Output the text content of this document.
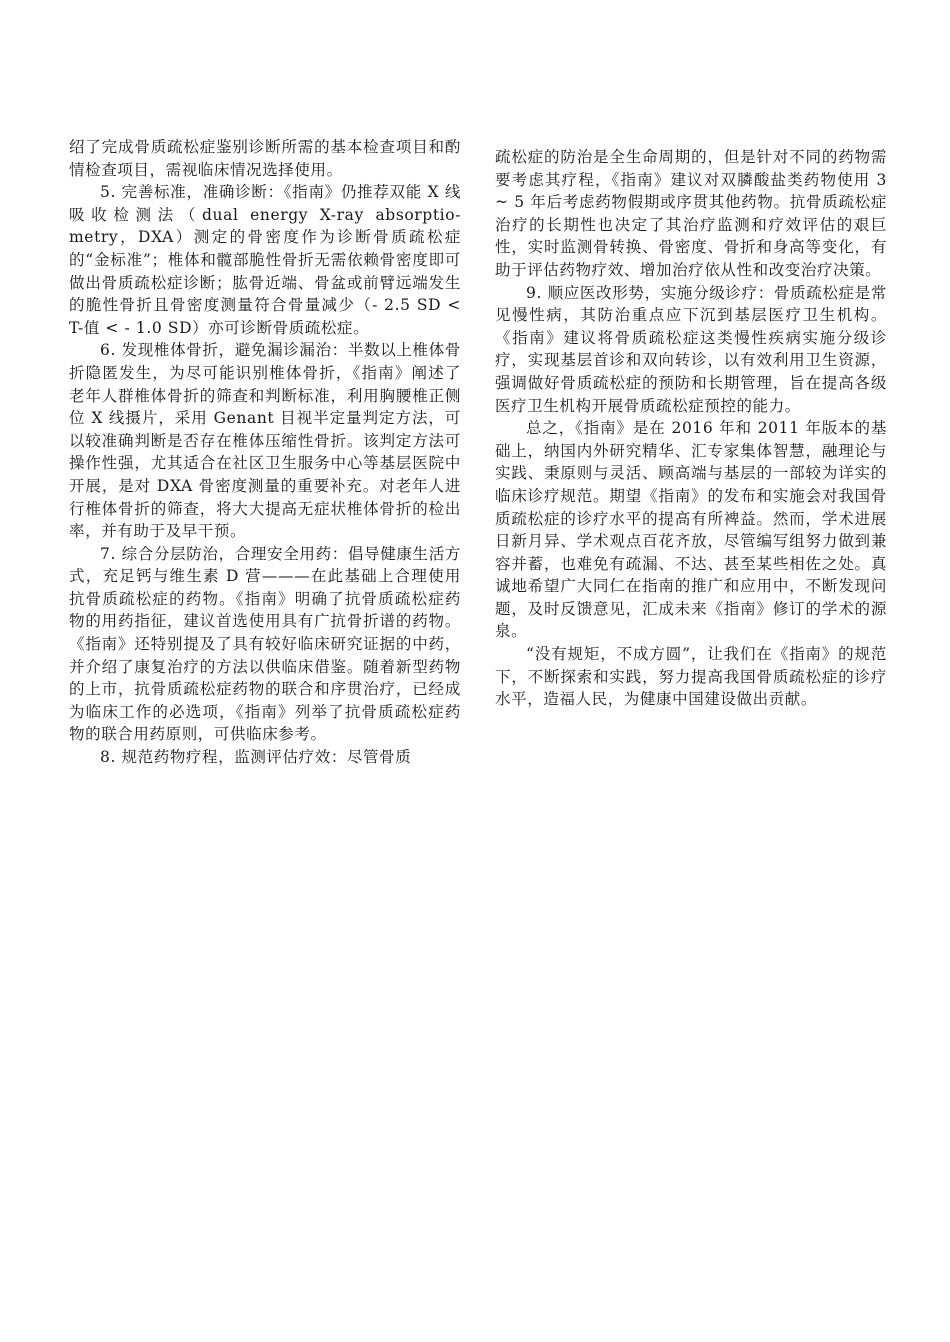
绍了完成骨质疏松症鉴别诊断所需的基本检查项目和酌情检查项目，需视临床情况选择使用。

5. 完善标准，准确诊断：《指南》仍推荐双能 X 线吸收检测法（dual energy X-ray absorptio- metry，DXA）测定的骨密度作为诊断骨质疏松症的“金标准”；椎体和髋部脆性骨折无需依赖骨密度即可做出骨质疏松症诊断；肱骨近端、骨盆或前臂远端发生的脆性骨折且骨密度测量符合骨量减少（- 2.5 SD < T-值 < - 1.0 SD）亦可诊断骨质疏松症。

6. 发现椎体骨折，避免漏诊漏治：半数以上椎体骨折隐匿发生，为尽可能识别椎体骨折，《指南》阐述了老年人群椎体骨折的筛查和判断标准，利用胸腰椎正侧位 X 线摄片，采用 Genant 目视半定量判定方法，可以较准确判断是否存在椎体压缩性骨折。该判定方法可操作性强，尤其适合在社区卫生服务中心等基层医院中开展，是对 DXA 骨密度测量的重要补充。对老年人进行椎体骨折的筛查，将大大提高无症状椎体骨折的检出率，并有助于及早干预。

7. 综合分层防治，合理安全用药：倡导健康生活方式，充足钙与维生素 D 营———在此基础上合理使用抗骨质疏松症的药物。《指南》明确了抗骨质疏松症药物的用药指征，建议首选使用具有广抗骨折谱的药物。《指南》还特别提及了具有较好临床研究证据的中药，并介绍了康复治疗的方法以供临床借鉴。随着新型药物的上市，抗骨质疏松症药物的联合和序贯治疗，已经成为临床工作的必选项，《指南》列举了抗骨质疏松症药物的联合用药原则，可供临床参考。

8. 规范药物疗程，监测评估疗效：尽管骨质

疏松症的防治是全生命周期的，但是针对不同的药物需要考虑其疗程，《指南》建议对双膦酸盐类药物使用 3 ~ 5 年后考虑药物假期或序贯其他药物。抗骨质疏松症治疗的长期性也决定了其治疗监测和疗效评估的艰巨性，实时监测骨转换、骨密度、骨折和身高等变化，有助于评估药物疗效、增加治疗依从性和改变治疗决策。

9. 顺应医改形势，实施分级诊疗：骨质疏松症是常见慢性病，其防治重点应下沉到基层医疗卫生机构。《指南》建议将骨质疏松症这类慢性疾病实施分级诊疗，实现基层首诊和双向转诊，以有效利用卫生资源，强调做好骨质疏松症的预防和长期管理，旨在提高各级医疗卫生机构开展骨质疏松症预控的能力。

总之，《指南》是在 2016 年和 2011 年版本的基础上，纳国内外研究精华、汇专家集体智慧，融理论与实践、秉原则与灵活、顾高端与基层的一部较为详实的临床诊疗规范。期望《指南》的发布和实施会对我国骨质疏松症的诊疗水平的提高有所裨益。然而，学术进展日新月异、学术观点百花齐放，尽管编写组努力做到兼容并蓄，也难免有疏漏、不达、甚至某些相佐之处。真诚地希望广大同仁在指南的推广和应用中，不断发现问题，及时反馈意见，汇成未来《指南》修订的学术的源泉。

“没有规矩，不成方圆”，让我们在《指南》的规范下，不断探索和实践，努力提高我国骨质疏松症的诊疗水平，造福人民，为健康中国建设做出贡献。
